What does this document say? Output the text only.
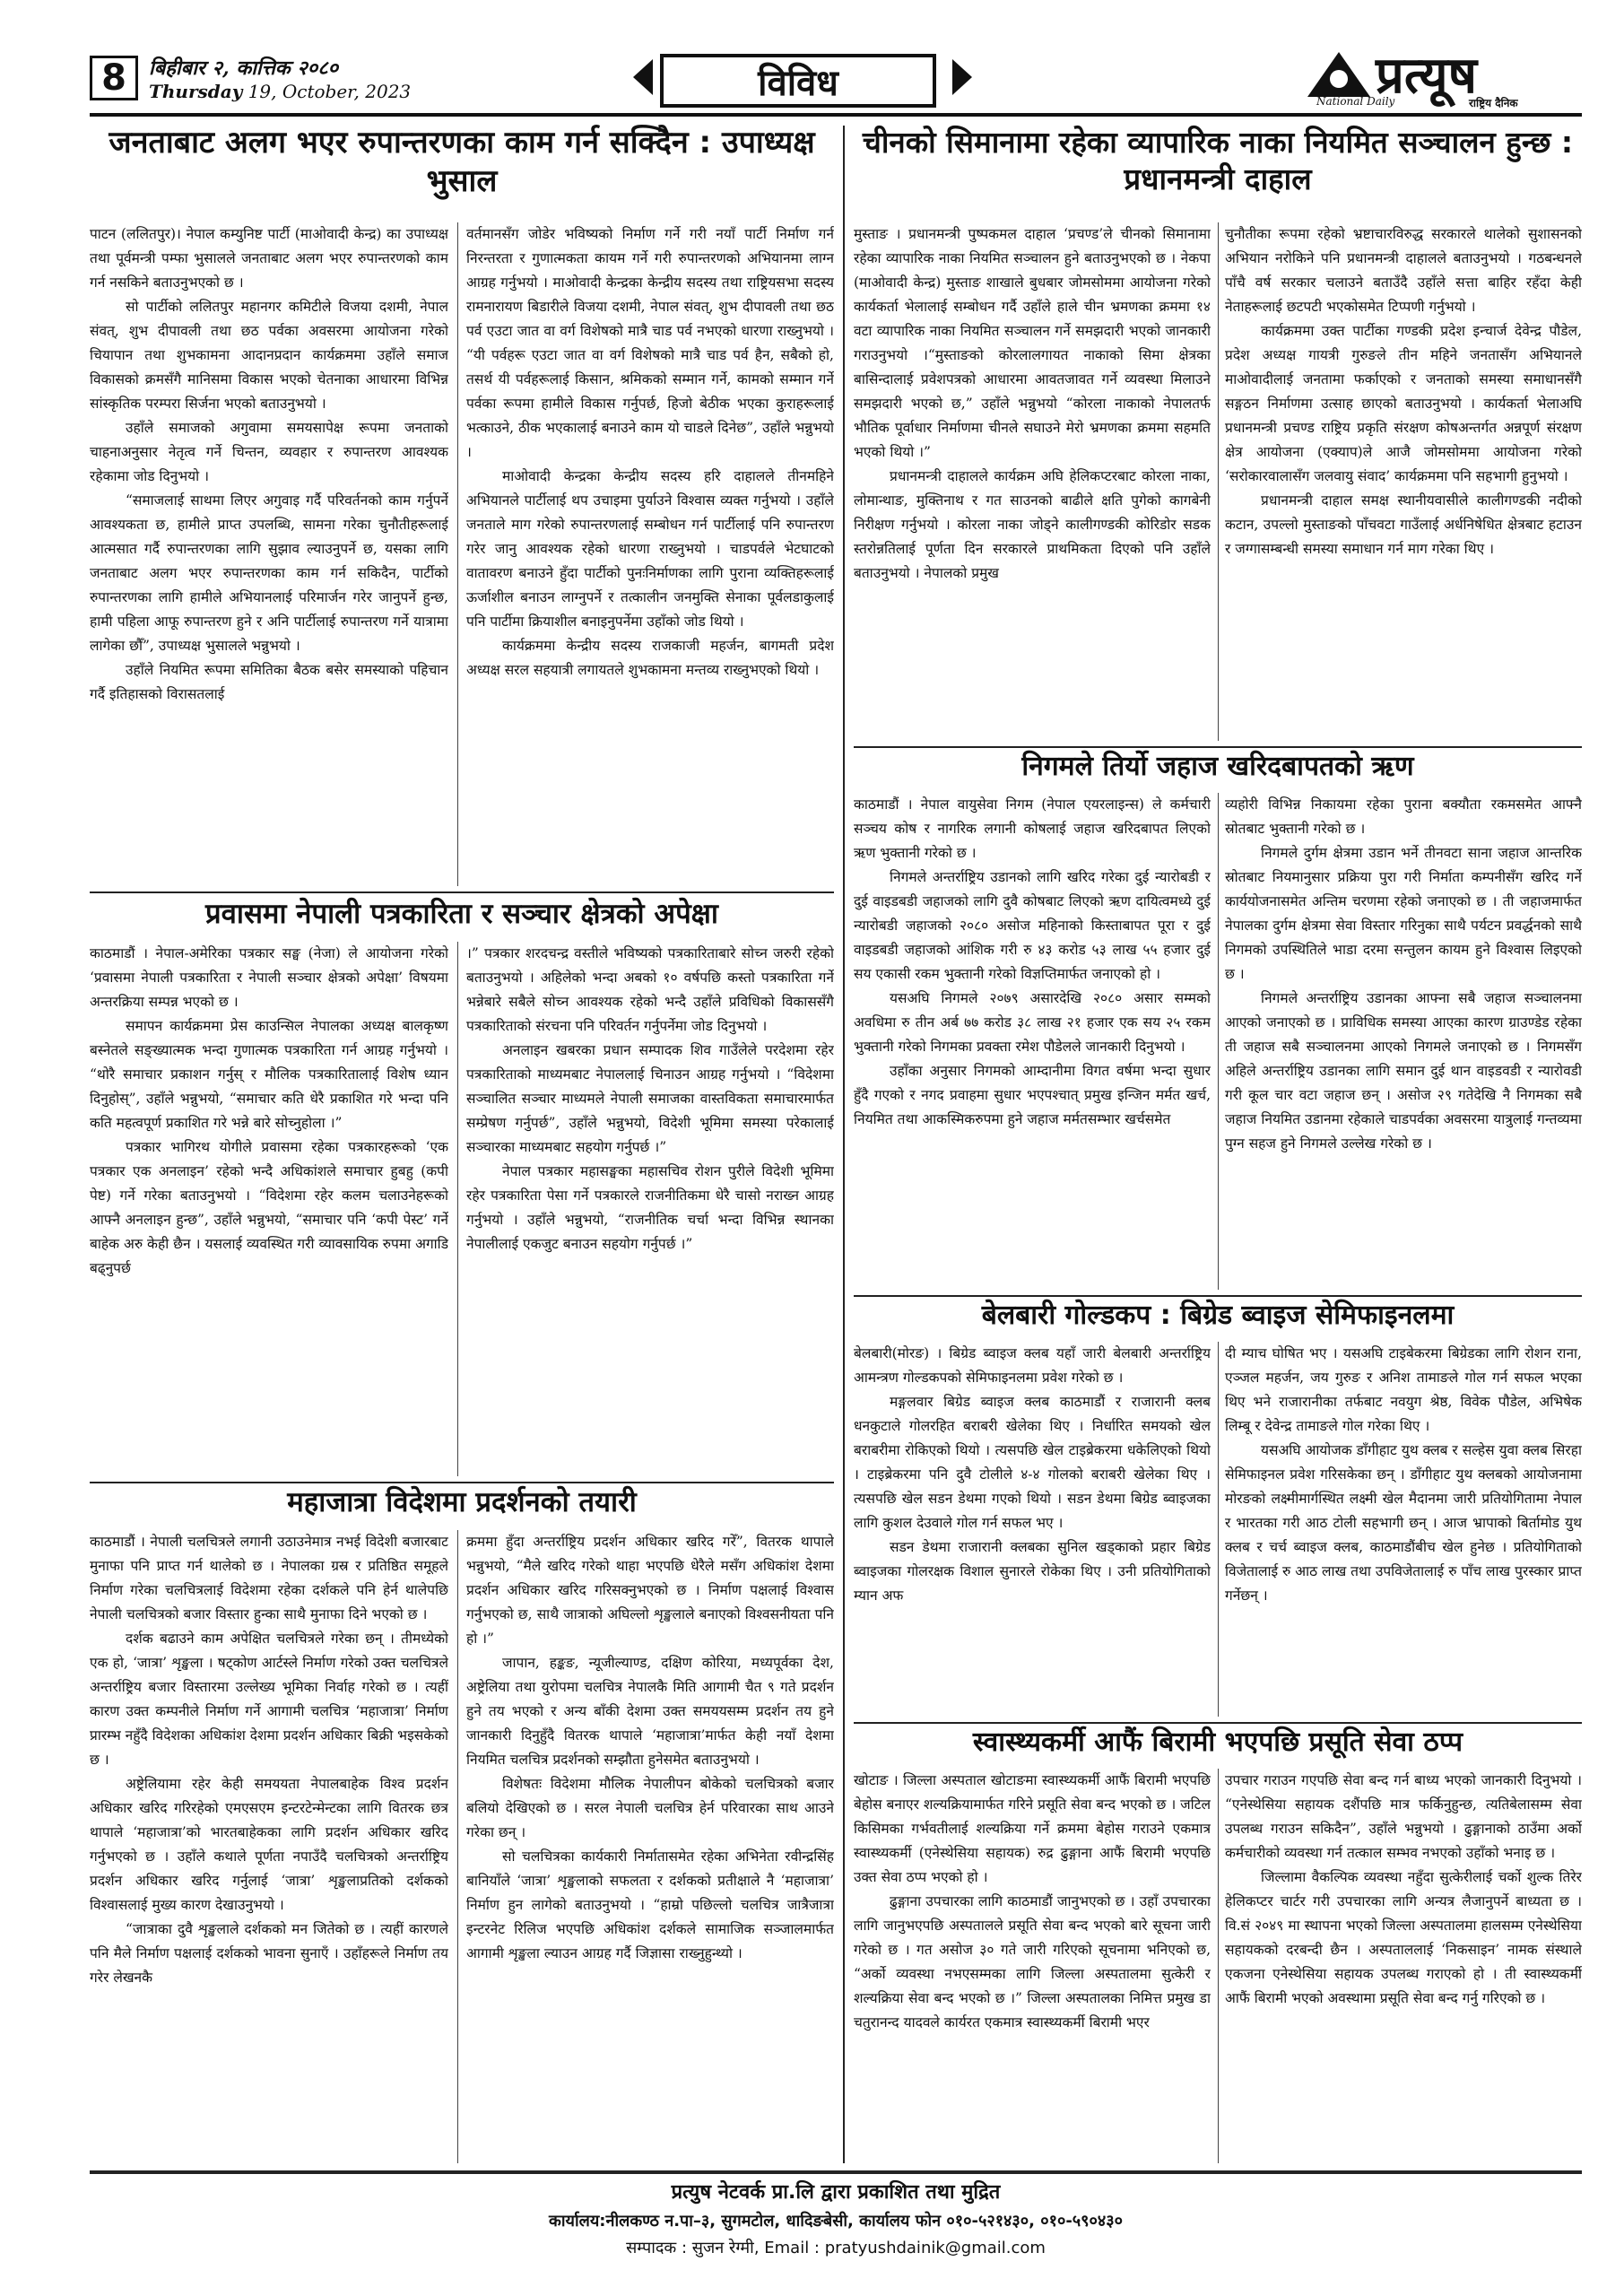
8 बिहीबार २, कात्तिक २०८०
Thursday 19, October, 2023	विविध	प्रत्यूष
National Daily	राष्ट्रिय दैनिक
जनताबाट अलग भएर रुपान्तरणका काम गर्न सक्दिैन : उपाध्यक्ष भुसाल

पाटन (ललितपुर)। नेपाल कम्युनिष्ट पार्टी (माओवादी केन्द्र) का उपाध्यक्ष तथा पूर्वमन्त्री पम्फा भुसालले जनताबाट अलग भएर रुपान्तरणको काम गर्न नसकिने बताउनुभएको छ ।

सो पार्टीको ललितपुर महानगर कमिटीले विजया दशमी, नेपाल संवत्, शुभ दीपावली तथा छठ पर्वका अवसरमा आयोजना गरेको चियापान तथा शुभकामना आदानप्रदान कार्यक्रममा उहाँले समाज विकासको क्रमसँगै मानिसमा विकास भएको चेतनाका आधारमा विभिन्न सांस्कृतिक परम्परा सिर्जना भएको बताउनुभयो ।

उहाँले समाजको अगुवामा समयसापेक्ष रूपमा जनताको चाहनाअनुसार नेतृत्व गर्ने चिन्तन, व्यवहार र रुपान्तरण आवश्यक रहेकामा जोड दिनुभयो ।

“समाजलाई साथमा लिएर अगुवाइ गर्दै परिवर्तनको काम गर्नुपर्ने आवश्यकता छ, हामीले प्राप्त उपलब्धि, सामना गरेका चुनौतीहरूलाई आत्मसात गर्दै रुपान्तरणका लागि सुझाव ल्याउनुपर्ने छ, यसका लागि जनताबाट अलग भएर रुपान्तरणका काम गर्न सकिदैन, पार्टीको रुपान्तरणका लागि हामीले अभियानलाई परिमार्जन गरेर जानुपर्ने हुन्छ, हामी पहिला आफू रुपान्तरण हुने र अनि पार्टीलाई रुपान्तरण गर्ने यात्रामा लागेका छौँ”, उपाध्यक्ष भुसालले भन्नुभयो ।

उहाँले नियमित रूपमा समितिका बैठक बसेर समस्याको पहिचान गर्दै इतिहासको विरासतलाई

वर्तमानसँग जोडेर भविष्यको निर्माण गर्ने गरी नयाँ पार्टी निर्माण गर्न निरन्तरता र गुणात्मकता कायम गर्ने गरी रुपान्तरणको अभियानमा लाग्न आग्रह गर्नुभयो । माओवादी केन्द्रका केन्द्रीय सदस्य तथा राष्ट्रियसभा सदस्य रामनारायण बिडारीले विजया दशमी, नेपाल संवत्, शुभ दीपावली तथा छठ पर्व एउटा जात वा वर्ग विशेषको मात्रै चाड पर्व नभएको धारणा राख्नुभयो । “यी पर्वहरू एउटा जात वा वर्ग विशेषको मात्रै चाड पर्व हैन, सबैको हो, तसर्थ यी पर्वहरूलाई किसान, श्रमिकको सम्मान गर्ने, कामको सम्मान गर्ने पर्वका रूपमा हामीले विकास गर्नुपर्छ, हिजो बेठीक भएका कुराहरूलाई भत्काउने, ठीक भएकालाई बनाउने काम यो चाडले दिनेछ”, उहाँले भन्नुभयो ।

माओवादी केन्द्रका केन्द्रीय सदस्य हरि दाहालले तीनमहिने अभियानले पार्टीलाई थप उचाइमा पुर्याउने विश्वास व्यक्त गर्नुभयो । उहाँले जनताले माग गरेको रुपान्तरणलाई सम्बोधन गर्न पार्टीलाई पनि रुपान्तरण गरेर जानु आवश्यक रहेको धारणा राख्नुभयो । चाडपर्वले भेटघाटको वातावरण बनाउने हुँदा पार्टीको पुनःनिर्माणका लागि पुराना व्यक्तिहरूलाई ऊर्जाशील बनाउन लाग्नुपर्ने र तत्कालीन जनमुक्ति सेनाका पूर्वलडाकुलाई पनि पार्टीमा क्रियाशील बनाइनुपर्नेमा उहाँको जोड थियो ।

कार्यक्रममा केन्द्रीय सदस्य राजकाजी महर्जन, बागमती प्रदेश अध्यक्ष सरल सहयात्री लगायतले शुभकामना मन्तव्य राख्नुभएको थियो ।

प्रवासमा नेपाली पत्रकारिता र सञ्चार क्षेत्रको अपेक्षा

काठमाडौं । नेपाल-अमेरिका पत्रकार सङ्घ (नेजा) ले आयोजना गरेको ‘प्रवासमा नेपाली पत्रकारिता र नेपाली सञ्चार क्षेत्रको अपेक्षा’ विषयमा अन्तरक्रिया सम्पन्न भएको छ ।

समापन कार्यक्रममा प्रेस काउन्सिल नेपालका अध्यक्ष बालकृष्ण बस्नेतले सङ्ख्यात्मक भन्दा गुणात्मक पत्रकारिता गर्न आग्रह गर्नुभयो । “थोरै समाचार प्रकाशन गर्नुस् र मौलिक पत्रकारितालाई विशेष ध्यान दिनुहोस्”, उहाँले भन्नुभयो, “समाचार कति धेरै प्रकाशित गरे भन्दा पनि कति महत्वपूर्ण प्रकाशित गरे भन्ने बारे सोच्नुहोला ।”

पत्रकार भागिरथ योगीले प्रवासमा रहेका पत्रकारहरूको ‘एक पत्रकार एक अनलाइन’ रहेको भन्दै अधिकांशले समाचार हुबहु (कपी पेष्ट) गर्ने गरेका बताउनुभयो । “विदेशमा रहेर कलम चलाउनेहरूको आफ्नै अनलाइन हुन्छ”, उहाँले भन्नुभयो, “समाचार पनि ‘कपी पेस्ट’ गर्ने बाहेक अरु केही छैन । यसलाई व्यवस्थित गरी व्यावसायिक रुपमा अगाडि बढ्नुपर्छ

।” पत्रकार शरदचन्द्र वस्तीले भविष्यको पत्रकारिताबारे सोच्न जरुरी रहेको बताउनुभयो । अहिलेको भन्दा अबको १० वर्षपछि कस्तो पत्रकारिता गर्ने भन्नेबारे सबैले सोच्न आवश्यक रहेको भन्दै उहाँले प्रविधिको विकाससँगै पत्रकारिताको संरचना पनि परिवर्तन गर्नुपर्नेमा जोड दिनुभयो ।

अनलाइन खबरका प्रधान सम्पादक शिव गाउँलेले परदेशमा रहेर पत्रकारिताको माध्यमबाट नेपाललाई चिनाउन आग्रह गर्नुभयो । “विदेशमा सञ्चालित सञ्चार माध्यमले नेपाली समाजका वास्तविकता समाचारमार्फत सम्प्रेषण गर्नुपर्छ”, उहाँले भन्नुभयो, विदेशी भूमिमा समस्या परेकालाई सञ्चारका माध्यमबाट सहयोग गर्नुपर्छ ।”

नेपाल पत्रकार महासङ्घका महासचिव रोशन पुरीले विदेशी भूमिमा रहेर पत्रकारिता पेसा गर्ने पत्रकारले राजनीतिकमा धेरै चासो नराख्न आग्रह गर्नुभयो । उहाँले भन्नुभयो, “राजनीतिक चर्चा भन्दा विभिन्न स्थानका नेपालीलाई एकजुट बनाउन सहयोग गर्नुपर्छ ।”

महाजात्रा विदेशमा प्रदर्शनको तयारी

काठमाडौं । नेपाली चलचित्रले लगानी उठाउनेमात्र नभई विदेशी बजारबाट मुनाफा पनि प्राप्त गर्न थालेको छ । नेपालका ग्रस्र र प्रतिष्ठित समूहले निर्माण गरेका चलचित्रलाई विदेशमा रहेका दर्शकले पनि हेर्न थालेपछि नेपाली चलचित्रको बजार विस्तार हुन्का साथै मुनाफा दिने भएको छ ।

दर्शक बढाउने काम अपेक्षित चलचित्रले गरेका छन् । तीमध्येको एक हो, ‘जात्रा’ शृङ्खला । षट्कोण आर्टस्ले निर्माण गरेको उक्त चलचित्रले अन्तर्राष्ट्रिय बजार विस्तारमा उल्लेख्य भूमिका निर्वाह गरेको छ । त्यहीं कारण उक्त कम्पनीले निर्माण गर्ने आगामी चलचित्र ‘महाजात्रा’ निर्माण प्रारम्भ नहुँदै विदेशका अधिकांश देशमा प्रदर्शन अधिकार बिक्री भइसकेको छ ।

अष्ट्रेलियामा रहेर केही समययता नेपालबाहेक विश्व प्रदर्शन अधिकार खरिद गरिरहेको एमएसएम इन्टरटेन्मेन्टका लागि वितरक छत्र थापाले ‘महाजात्रा’को भारतबाहेकका लागि प्रदर्शन अधिकार खरिद गर्नुभएको छ । उहाँले कथाले पूर्णता नपाउँदै चलचित्रको अन्तर्राष्ट्रिय प्रदर्शन अधिकार खरिद गर्नुलाई ‘जात्रा’ शृङ्खलाप्रतिको दर्शकको विश्वासलाई मुख्य कारण देखाउनुभयो ।

“जात्राका दुवै शृङ्खलाले दर्शकको मन जितेको छ । त्यहीं कारणले पनि मैले निर्माण पक्षलाई दर्शकको भावना सुनाएँ । उहाँहरूले निर्माण तय गरेर लेखनकै

क्रममा हुँदा अन्तर्राष्ट्रिय प्रदर्शन अधिकार खरिद गरेँ”, वितरक थापाले भन्नुभयो, “मैले खरिद गरेको थाहा भएपछि धेरैले मसँग अधिकांश देशमा प्रदर्शन अधिकार खरिद गरिसक्नुभएको छ । निर्माण पक्षलाई विश्वास गर्नुभएको छ, साथै जात्राको अघिल्लो शृङ्खलाले बनाएको विश्वसनीयता पनि हो ।”

जापान, हङ्कङ, न्यूजील्याण्ड, दक्षिण कोरिया, मध्यपूर्वका देश, अष्ट्रेलिया तथा युरोपमा चलचित्र नेपालकै मिति आगामी चैत ९ गते प्रदर्शन हुने तय भएको र अन्य बाँकी देशमा उक्त समययसम्म प्रदर्शन तय हुने जानकारी दिनुहुँदै वितरक थापाले ‘महाजात्रा’मार्फत केही नयाँ देशमा नियमित चलचित्र प्रदर्शनको सम्झौता हुनेसमेत बताउनुभयो ।

विशेषतः विदेशमा मौलिक नेपालीपन बोकेको चलचित्रको बजार बलियो देखिएको छ । सरल नेपाली चलचित्र हेर्न परिवारका साथ आउने गरेका छन् ।

सो चलचित्रका कार्यकारी निर्मातासमेत रहेका अभिनेता रवीन्द्रसिंह बानियाँले ‘जात्रा’ शृङ्खलाको सफलता र दर्शकको प्रतीक्षाले नै ‘महाजात्रा’ निर्माण हुन लागेको बताउनुभयो । “हाम्रो पछिल्लो चलचित्र जात्रैजात्रा इन्टरनेट रिलिज भएपछि अधिकांश दर्शकले सामाजिक सञ्जालमार्फत आगामी शृङ्खला ल्याउन आग्रह गर्दै जिज्ञासा राख्नुहुन्थ्यो ।

चीनको सिमानामा रहेका व्यापारिक नाका नियमित सञ्चालन हुन्छ : प्रधानमन्त्री दाहाल

मुस्ताङ । प्रधानमन्त्री पुष्पकमल दाहाल ‘प्रचण्ड’ले चीनको सिमानामा रहेका व्यापारिक नाका नियमित सञ्चालन हुने बताउनुभएको छ । नेकपा (माओवादी केन्द्र) मुस्ताङ शाखाले बुधबार जोमसोममा आयोजना गरेको कार्यकर्ता भेलालाई सम्बोधन गर्दै उहाँले हाले चीन भ्रमणका क्रममा १४ वटा व्यापारिक नाका नियमित सञ्चालन गर्ने समझदारी भएको जानकारी गराउनुभयो ।“मुस्ताङको कोरलालगायत नाकाको सिमा क्षेत्रका बासिन्दालाई प्रवेशपत्रको आधारमा आवतजावत गर्ने व्यवस्था मिलाउने समझदारी भएको छ,” उहाँले भन्नुभयो “कोरला नाकाको नेपालतर्फ भौतिक पूर्वाधार निर्माणमा चीनले सघाउने मेरो भ्रमणका क्रममा सहमति भएको थियो ।”

प्रधानमन्त्री दाहालले कार्यक्रम अघि हेलिकप्टरबाट कोरला नाका, लोमान्थाङ, मुक्तिनाथ र गत साउनको बाढीले क्षति पुगेको कागबेनी निरीक्षण गर्नुभयो । कोरला नाका जोड्ने कालीगण्डकी कोरिडोर सडक स्तरोन्नतिलाई पूर्णता दिन सरकारले प्राथमिकता दिएको पनि उहाँले बताउनुभयो । नेपालको प्रमुख

चुनौतीका रूपमा रहेको भ्रष्टाचारविरुद्ध सरकारले थालेको सुशासनको अभियान नरोकिने पनि प्रधानमन्त्री दाहालले बताउनुभयो । गठबन्धनले पाँचै वर्ष सरकार चलाउने बताउँदै उहाँले सत्ता बाहिर रहँदा केही नेताहरूलाई छटपटी भएकोसमेत टिप्पणी गर्नुभयो ।

कार्यक्रममा उक्त पार्टीका गण्डकी प्रदेश इन्चार्ज देवेन्द्र पौडेल, प्रदेश अध्यक्ष गायत्री गुरुङले तीन महिने जनतासँग अभियानले माओवादीलाई जनतामा फर्काएको र जनताको समस्या समाधानसँगै सङ्गठन निर्माणमा उत्साह छाएको बताउनुभयो । कार्यकर्ता भेलाअघि प्रधानमन्त्री प्रचण्ड राष्ट्रिय प्रकृति संरक्षण कोषअन्तर्गत अन्नपूर्ण संरक्षण क्षेत्र आयोजना (एक्याप)ले आजै जोमसोममा आयोजना गरेको ‘सरोकारवालासँग जलवायु संवाद’ कार्यक्रममा पनि सहभागी हुनुभयो ।

प्रधानमन्त्री दाहाल समक्ष स्थानीयवासीले कालीगण्डकी नदीको कटान, उपल्लो मुस्ताङको पाँचवटा गाउँलाई अर्धनिषेधित क्षेत्रबाट हटाउन र जग्गासम्बन्धी समस्या समाधान गर्न माग गरेका थिए ।

निगमले तिर्यो जहाज खरिदबापतको ऋण

काठमाडौं । नेपाल वायुसेवा निगम (नेपाल एयरलाइन्स) ले कर्मचारी सञ्चय कोष र नागरिक लगानी कोषलाई जहाज खरिदबापत लिएको ऋण भुक्तानी गरेको छ ।

निगमले अन्तर्राष्ट्रिय उडानको लागि खरिद गरेका दुई न्यारोबडी र दुई वाइडबडी जहाजको लागि दुवै कोषबाट लिएको ऋण दायित्वमध्ये दुई न्यारोबडी जहाजको २०८० असोज महिनाको किस्ताबापत पूरा र दुई वाइडबडी जहाजको आंशिक गरी रु ४३ करोड ५३ लाख ५५ हजार दुई सय एकासी रकम भुक्तानी गरेको विज्ञप्तिमार्फत जनाएको हो ।

यसअघि निगमले २०७९ असारदेखि २०८० असार सम्मको अवधिमा रु तीन अर्ब ७७ करोड ३८ लाख २१ हजार एक सय २५ रकम भुक्तानी गरेको निगमका प्रवक्ता रमेश पौडेलले जानकारी दिनुभयो ।

उहाँका अनुसार निगमको आम्दानीमा विगत वर्षमा भन्दा सुधार हुँदै गएको र नगद प्रवाहमा सुधार भएपश्चात् प्रमुख इन्जिन मर्मत खर्च, नियमित तथा आकस्मिकरुपमा हुने जहाज मर्मतसम्भार खर्चसमेत

व्यहोरी विभिन्न निकायमा रहेका पुराना बक्यौता रकमसमेत आफ्नै स्रोतबाट भुक्तानी गरेको छ ।

निगमले दुर्गम क्षेत्रमा उडान भर्ने तीनवटा साना जहाज आन्तरिक स्रोतबाट नियमानुसार प्रक्रिया पुरा गरी निर्माता कम्पनीसँग खरिद गर्ने कार्ययोजनासमेत अन्तिम चरणमा रहेको जनाएको छ । ती जहाजमार्फत नेपालका दुर्गम क्षेत्रमा सेवा विस्तार गरिनुका साथै पर्यटन प्रवर्द्धनको साथै निगमको उपस्थितिले भाडा दरमा सन्तुलन कायम हुने विश्वास लिइएको छ ।

निगमले अन्तर्राष्ट्रिय उडानका आफ्ना सबै जहाज सञ्चालनमा आएको जनाएको छ । प्राविधिक समस्या आएका कारण ग्राउण्डेड रहेका ती जहाज सबै सञ्चालनमा आएको निगमले जनाएको छ । निगमसँग अहिले अन्तर्राष्ट्रिय उडानका लागि समान दुई थान वाइडवडी र न्यारोवडी गरी कूल चार वटा जहाज छन् । असोज २९ गतेदेखि नै निगमका सबै जहाज नियमित उडानमा रहेकाले चाडपर्वका अवसरमा यात्रुलाई गन्तव्यमा पुग्न सहज हुने निगमले उल्लेख गरेको छ ।

बेलबारी गोल्डकप : बिग्रेड ब्वाइज सेमिफाइनलमा

बेलबारी(मोरङ) । बिग्रेड ब्वाइज क्लब यहाँ जारी बेलबारी अन्तर्राष्ट्रिय आमन्त्रण गोल्डकपको सेमिफाइनलमा प्रवेश गरेको छ ।

मङ्गलवार बिग्रेड ब्वाइज क्लब काठमाडौं र राजारानी क्लब धनकुटाले गोलरहित बराबरी खेलेका थिए । निर्धारित समयको खेल बराबरीमा रोकिएको थियो । त्यसपछि खेल टाइब्रेकरमा धकेलिएको थियो । टाइब्रेकरमा पनि दुवै टोलीले ४-४ गोलको बराबरी खेलेका थिए । त्यसपछि खेल सडन डेथमा गएको थियो । सडन डेथमा बिग्रेड ब्वाइजका लागि कुशल देउवाले गोल गर्न सफल भए ।

सडन डेथमा राजारानी क्लबका सुनिल खड्काको प्रहार बिग्रेड ब्वाइजका गोलरक्षक विशाल सुनारले रोकेका थिए । उनी प्रतियोगिताको म्यान अफ

दी म्याच घोषित भए । यसअघि टाइबेकरमा बिग्रेडका लागि रोशन राना, एञ्जल महर्जन, जय गुरुङ र अनिश तामाङले गोल गर्न सफल भएका थिए भने राजारानीका तर्फबाट नवयुग श्रेष्ठ, विवेक पौडेल, अभिषेक लिम्बू र देवेन्द्र तामाङले गोल गरेका थिए ।

यसअघि आयोजक डाँगीहाट युथ क्लब र सल्हेस युवा क्लब सिरहा सेमिफाइनल प्रवेश गरिसकेका छन् । डाँगीहाट युथ क्लबको आयोजनामा मोरङको लक्ष्मीमार्गस्थित लक्ष्मी खेल मैदानमा जारी प्रतियोगितामा नेपाल र भारतका गरी आठ टोली सहभागी छन् । आज भ्रापाको बिर्तामोड युथ क्लब र चर्च ब्वाइज क्लब, काठमाडौंबीच खेल हुनेछ । प्रतियोगिताको विजेतालाई रु आठ लाख तथा उपविजेतालाई रु पाँच लाख पुरस्कार प्राप्त गर्नेछन् ।

स्वास्थ्यकर्मी आफैं बिरामी भएपछि प्रसूति सेवा ठप्प

खोटाङ । जिल्ला अस्पताल खोटाङमा स्वास्थ्यकर्मी आफैं बिरामी भएपछि बेहोस बनाएर शल्यक्रियामार्फत गरिने प्रसूति सेवा बन्द भएको छ । जटिल किसिमका गर्भवतीलाई शल्यक्रिया गर्ने क्रममा बेहोस गराउने एकमात्र स्वास्थ्यकर्मी (एनेस्थेसिया सहायक) रुद्र ढुङ्गाना आफैं बिरामी भएपछि उक्त सेवा ठप्प भएको हो ।

ढुङ्गाना उपचारका लागि काठमाडौं जानुभएको छ । उहाँ उपचारका लागि जानुभएपछि अस्पतालले प्रसूति सेवा बन्द भएको बारे सूचना जारी गरेको छ । गत असोज ३० गते जारी गरिएको सूचनामा भनिएको छ, “अर्को व्यवस्था नभएसम्मका लागि जिल्ला अस्पतालमा सुत्केरी र शल्यक्रिया सेवा बन्द भएको छ ।” जिल्ला अस्पतालका निमित्त प्रमुख डा चतुरानन्द यादवले कार्यरत एकमात्र स्वास्थ्यकर्मी बिरामी भएर

उपचार गराउन गएपछि सेवा बन्द गर्न बाध्य भएको जानकारी दिनुभयो । “एनेस्थेसिया सहायक दशैंपछि मात्र फर्किनुहुन्छ, त्यतिबेलासम्म सेवा उपलब्ध गराउन सकिदैन”, उहाँले भन्नुभयो । ढुङ्गानाको ठाउँमा अर्को कर्मचारीको व्यवस्था गर्न तत्काल सम्भव नभएको उहाँको भनाइ छ ।

जिल्लामा वैकल्पिक व्यवस्था नहुँदा सुत्केरीलाई चर्को शुल्क तिरेर हेलिकप्टर चार्टर गरी उपचारका लागि अन्यत्र लैजानुपर्ने बाध्यता छ । वि.सं २०४९ मा स्थापना भएको जिल्ला अस्पतालमा हालसम्म एनेस्थेसिया सहायकको दरबन्दी छैन । अस्पताललाई ‘निकसाइन’ नामक संस्थाले एकजना एनेस्थेसिया सहायक उपलब्ध गराएको हो । ती स्वास्थ्यकर्मी आफैं बिरामी भएको अवस्थामा प्रसूति सेवा बन्द गर्नु गरिएको छ ।

प्रत्युष नेटवर्क प्रा.लि द्वारा प्रकाशित तथा मुद्रित
कार्यालय:नीलकण्ठ न.पा–३, सुगमटोल, धादिङबेसी, कार्यालय फोन ०१०-५२१४३०, ०१०-५९०४३०
सम्पादक : सुजन रेग्मी, Email : pratyushdainik@gmail.com
